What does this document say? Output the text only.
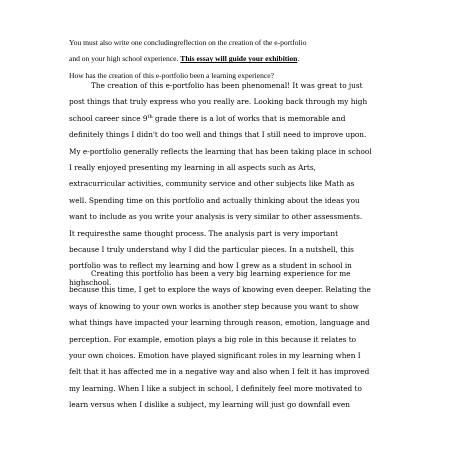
You must also write one concludingreflection on the creation of the e-portfolio
and on your high school experience. This essay will guide your exhibition.
How has the creation of this e-portfolio been a learning experience?
The creation of this e-portfolio has been phenomenal! It was great to just
post things that truly express who you really are. Looking back through my high
school career since 9th grade there is a lot of works that is memorable and
definitely things I didn't do too well and things that I still need to improve upon.
My e-portfolio generally reflects the learning that has been taking place in school
I really enjoyed presenting my learning in all aspects such as Arts,
extracurricular activities, community service and other subjects like Math as
well. Spending time on this portfolio and actually thinking about the ideas you
want to include as you write your analysis is very similar to other assessments.
It requiresthe same thought process. The analysis part is very important
because I truly understand why I did the particular pieces. In a nutshell, this
portfolio was to reflect my learning and how I grew as a student in school in
highschool.
Creating this portfolio has been a very big learning experience for me
because this time, I get to explore the ways of knowing even deeper. Relating the
ways of knowing to your own works is another step because you want to show
what things have impacted your learning through reason, emotion, language and
perception. For example, emotion plays a big role in this because it relates to
your own choices. Emotion have played significant roles in my learning when I
felt that it has affected me in a negative way and also when I felt it has improved
my learning. When I like a subject in school, I definitely feel more motivated to
learn versus when I dislike a subject, my learning will just go downfall even
